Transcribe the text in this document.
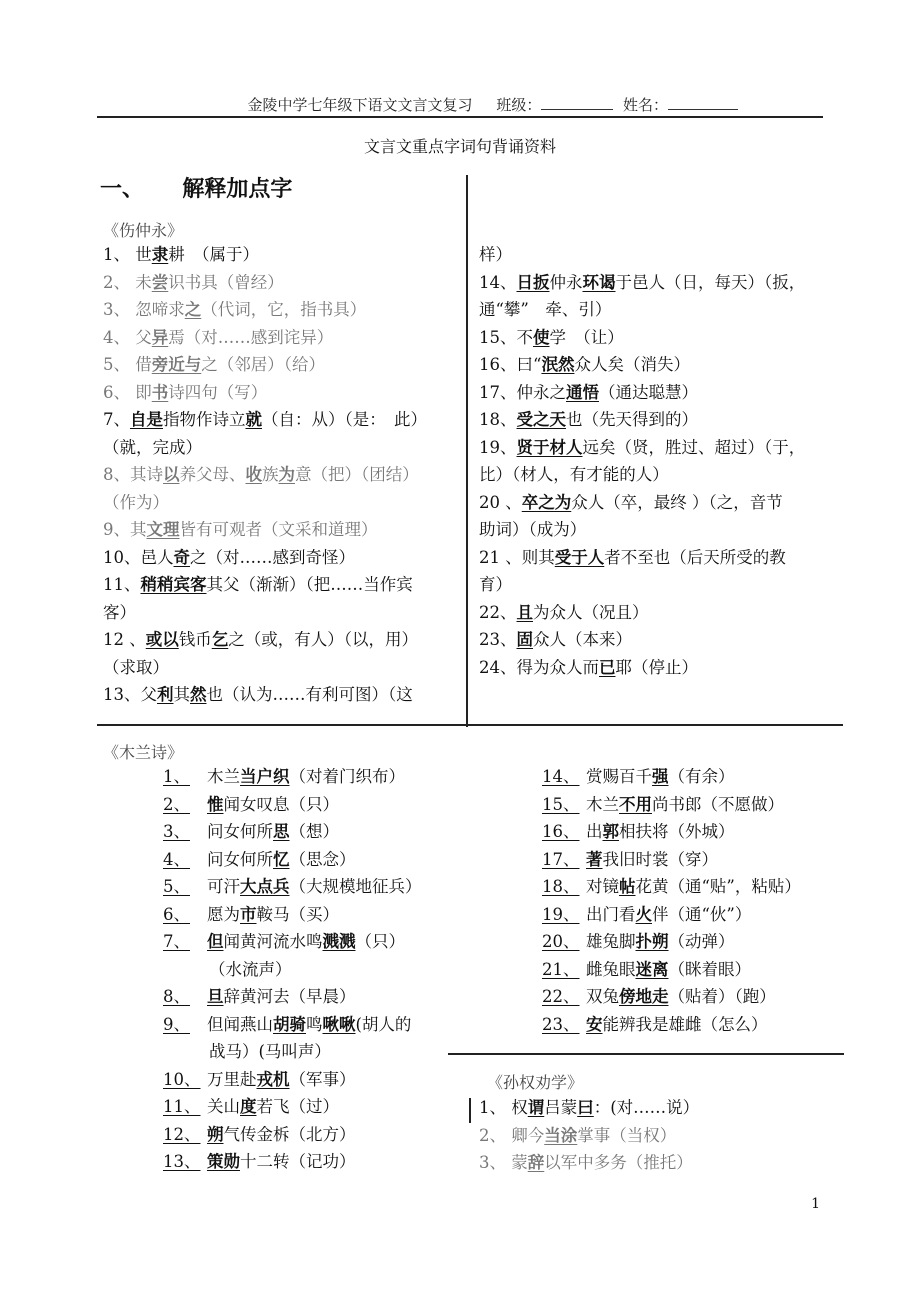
金陵中学七年级下语文文言文复习 班级：	姓名：

文言文重点字词句背诵资料
一、 解释加点字
《伤仲永》
1、 世隶耕　（属于）
2、 未尝识书具（曾经）
3、 忽啼求之（代词，它，指书具）
4、 父异焉（对……感到诧异）
5、 借旁近与之（邻居）（给）
6、 即书诗四句（写）
7、自是指物作诗立就（自：从）（是：　此）
（就，完成）
8、其诗以养父母、收族为意（把）（团结）
（作为）
9、其文理皆有可观者（文采和道理）
10、邑人奇之（对……感到奇怪）
11、稍稍宾客其父（渐渐）（把……当作宾
客）
12 、或以钱币乞之（或，有人）（以，用）
（求取）
13、父利其然也（认为……有利可图）（这
样）
14、日扳仲永环谒于邑人（日，每天）（扳，
通“攀”　牵、引）
15、不使学　（让）
16、曰“泯然众人矣（消失）
17、仲永之通悟（通达聪慧）
18、受之天也（先天得到的）
19、贤于材人远矣（贤，胜过、超过）（于，
比）（材人，有才能的人）
20 、卒之为众人（卒，最终 ）（之，音节
助词）（成为）
21 、则其受于人者不至也（后天所受的教
育）
22、且为众人（况且）
23、固众人（本来）
24、得为众人而已耶（停止）
《木兰诗》
1、 木兰当户织（对着门织布）
2、 惟闻女叹息（只）
3、 问女何所思（想）
4、 问女何所忆（思念）
5、 可汗大点兵（大规模地征兵）
6、 愿为市鞍马（买）
7、 但闻黄河流水鸣溅溅（只）
（水流声）
8、 旦辞黄河去（早晨）
9、 但闻燕山胡骑鸣啾啾(胡人的
战马）(马叫声）
10、 万里赴戎机（军事）
11、 关山度若飞（过）
12、 朔气传金柝（北方）
13、 策勋十二转（记功）
14、 赏赐百千强（有余）
15、 木兰不用尚书郎（不愿做）
16、 出郭相扶将（外城）
17、 著我旧时裳（穿）
18、 对镜帖花黄（通“贴”，粘贴）
19、 出门看火伴（通“伙”）
20、 雄兔脚扑朔（动弹）
21、 雌兔眼迷离（眯着眼）
22、 双兔傍地走（贴着）（跑）
23、 安能辨我是雄雌（怎么）
《孙权劝学》
1、 权谓吕蒙曰：(对……说）
2、 卿今当涂掌事（当权）
3、 蒙辞以军中多务（推托）
1
